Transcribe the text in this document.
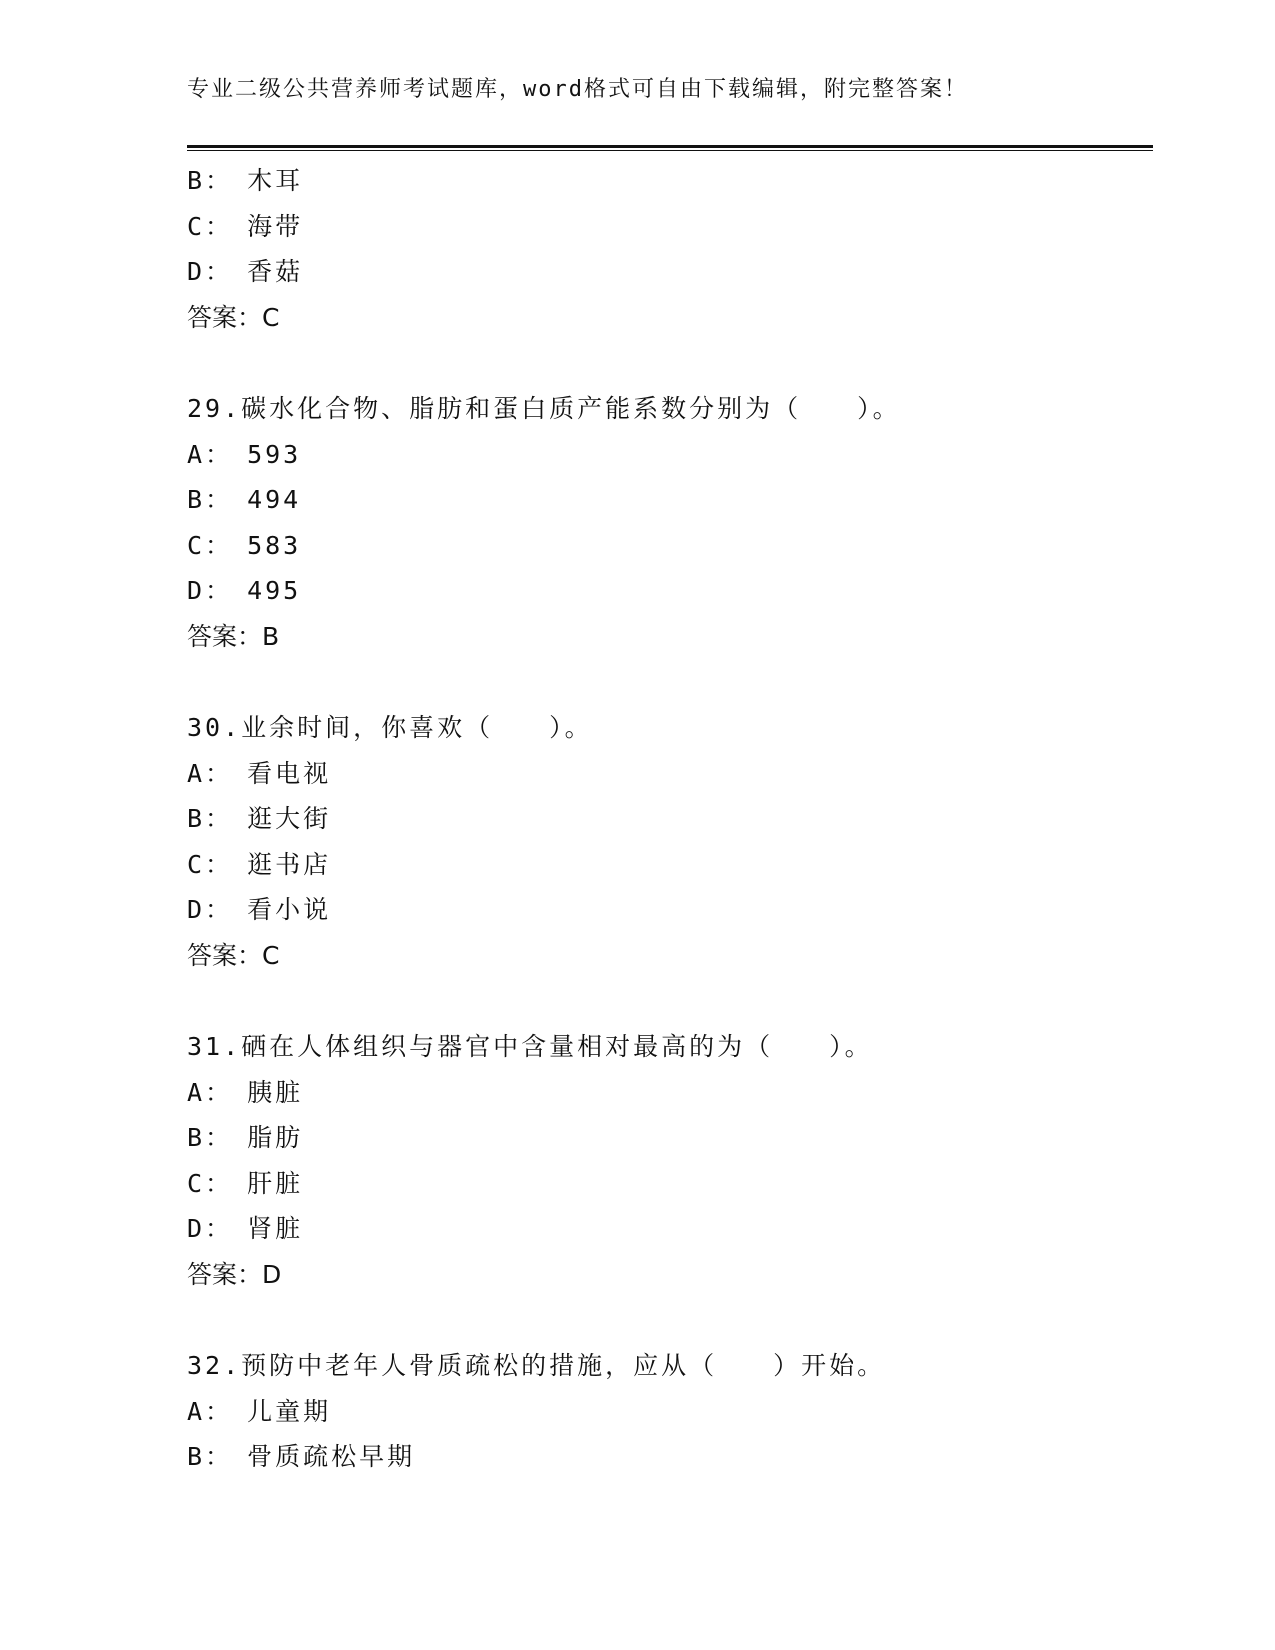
专业二级公共营养师考试题库，word格式可自由下载编辑，附完整答案！
B： 木耳
C： 海带
D： 香菇
答案：C
29.碳水化合物、脂肪和蛋白质产能系数分别为（　　）。
A： 593
B： 494
C： 583
D： 495
答案：B
30.业余时间，你喜欢（　　）。
A： 看电视
B： 逛大街
C： 逛书店
D： 看小说
答案：C
31.硒在人体组织与器官中含量相对最高的为（　　）。
A： 胰脏
B： 脂肪
C： 肝脏
D： 肾脏
答案：D
32.预防中老年人骨质疏松的措施，应从（　　）开始。
A： 儿童期
B： 骨质疏松早期
